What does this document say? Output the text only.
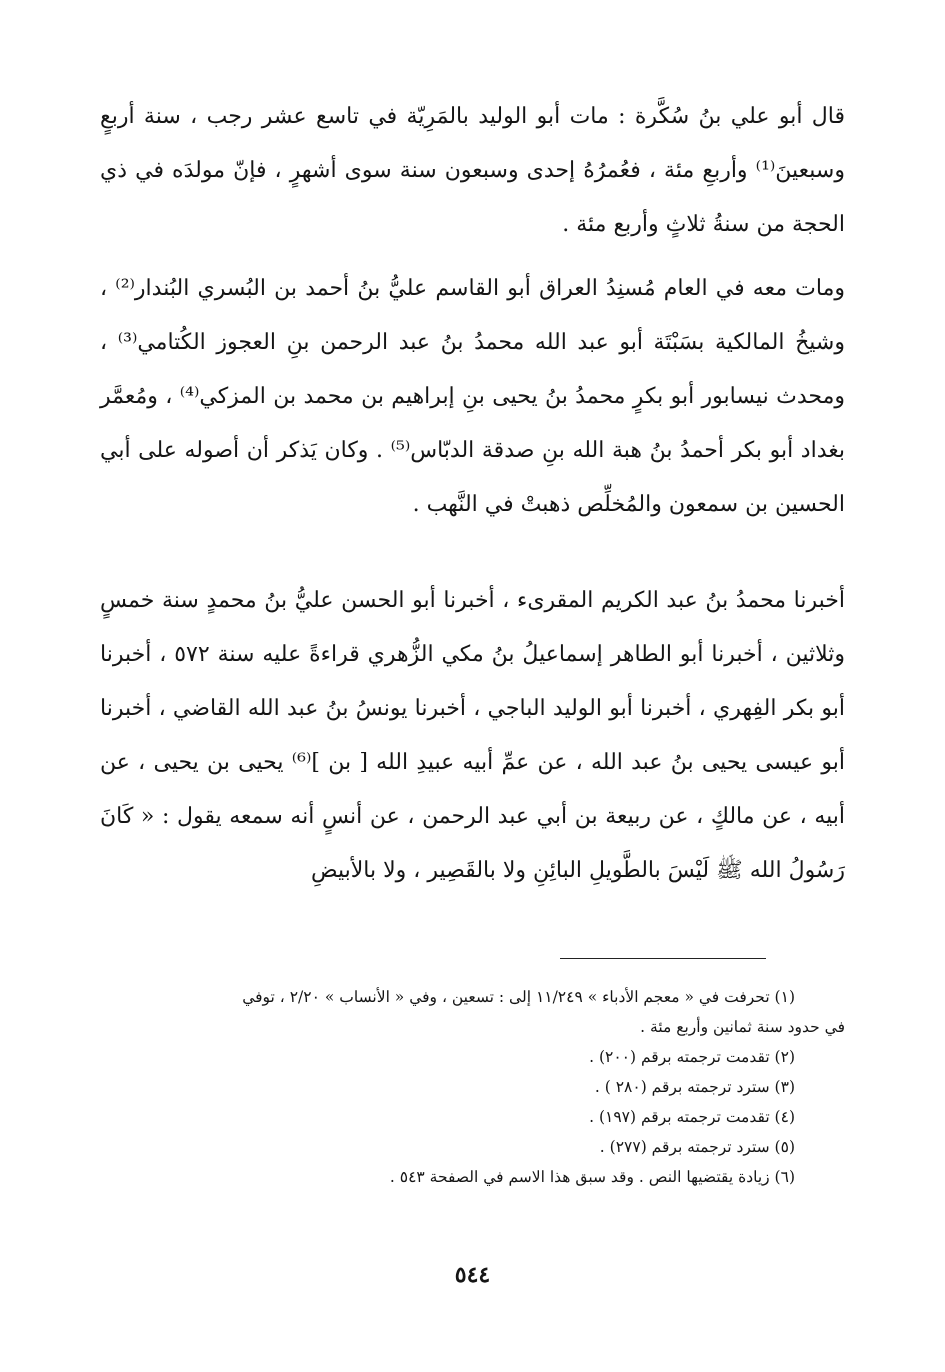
قال أبو علي بنُ سُكَّرة : مات أبو الوليد بالمَرِيّة في تاسع عشر رجب ، سنة أربعٍ وسبعينَ⁽¹⁾ وأربعِ مئة ، فعُمرُهُ إحدى وسبعون سنة سوى أشهرٍ ، فإنّ مولدَه في ذي الحجة من سنةُ ثلاثٍ وأربع مئة .

ومات معه في العام مُسنِدُ العراق أبو القاسم عليُّ بنُ أحمد بن البُسري البُندار⁽²⁾ ، وشيخُ المالكية بسَبْتَة أبو عبد الله محمدُ بنُ عبد الرحمن بنِ العجوز الكُتامي⁽³⁾ ، ومحدث نيسابور أبو بكرٍ محمدُ بنُ يحيى بنِ إبراهيم بن محمد بن المزكي⁽⁴⁾ ، ومُعمَّر بغداد أبو بكر أحمدُ بنُ هبة الله بنِ صدقة الدبّاس⁽⁵⁾ . وكان يَذكر أن أصوله على أبي الحسين بن سمعون والمُخلِّص ذهبتْ في النَّهب .

أخبرنا محمدُ بنُ عبد الكريم المقرىء ، أخبرنا أبو الحسن عليُّ بنُ محمدٍ سنة خمسٍ وثلاثين ، أخبرنا أبو الطاهر إسماعيلُ بنُ مكي الزُّهري قراءةً عليه سنة ٥٧٢ ، أخبرنا أبو بكر الفِهري ، أخبرنا أبو الوليد الباجي ، أخبرنا يونسُ بنُ عبد الله القاضي ، أخبرنا أبو عيسى يحيى بنُ عبد الله ، عن عمِّ أبيه عبيدِ الله [ بن ]⁽⁶⁾ يحيى بن يحيى ، عن أبيه ، عن مالكٍ ، عن ربيعة بن أبي عبد الرحمن ، عن أنسٍ أنه سمعه يقول : « كَانَ رَسُولُ الله ﷺ لَيْسَ بالطَّويلِ البائِنِ ولا بالقَصِير ، ولا بالأبيضِ

(١) تحرفت في « معجم الأدباء » ١١/٢٤٩ إلى : تسعين ، وفي « الأنساب » ٢/٢٠ ، توفي

في حدود سنة ثمانين وأربع مئة .

(٢) تقدمت ترجمته برقم (٢٠٠) .

(٣) سترد ترجمته برقم (٢٨٠ ) .

(٤) تقدمت ترجمته برقم (١٩٧) .

(٥) سترد ترجمته برقم (٢٧٧) .

(٦) زيادة يقتضيها النص . وقد سبق هذا الاسم في الصفحة ٥٤٣ .

٥٤٤
